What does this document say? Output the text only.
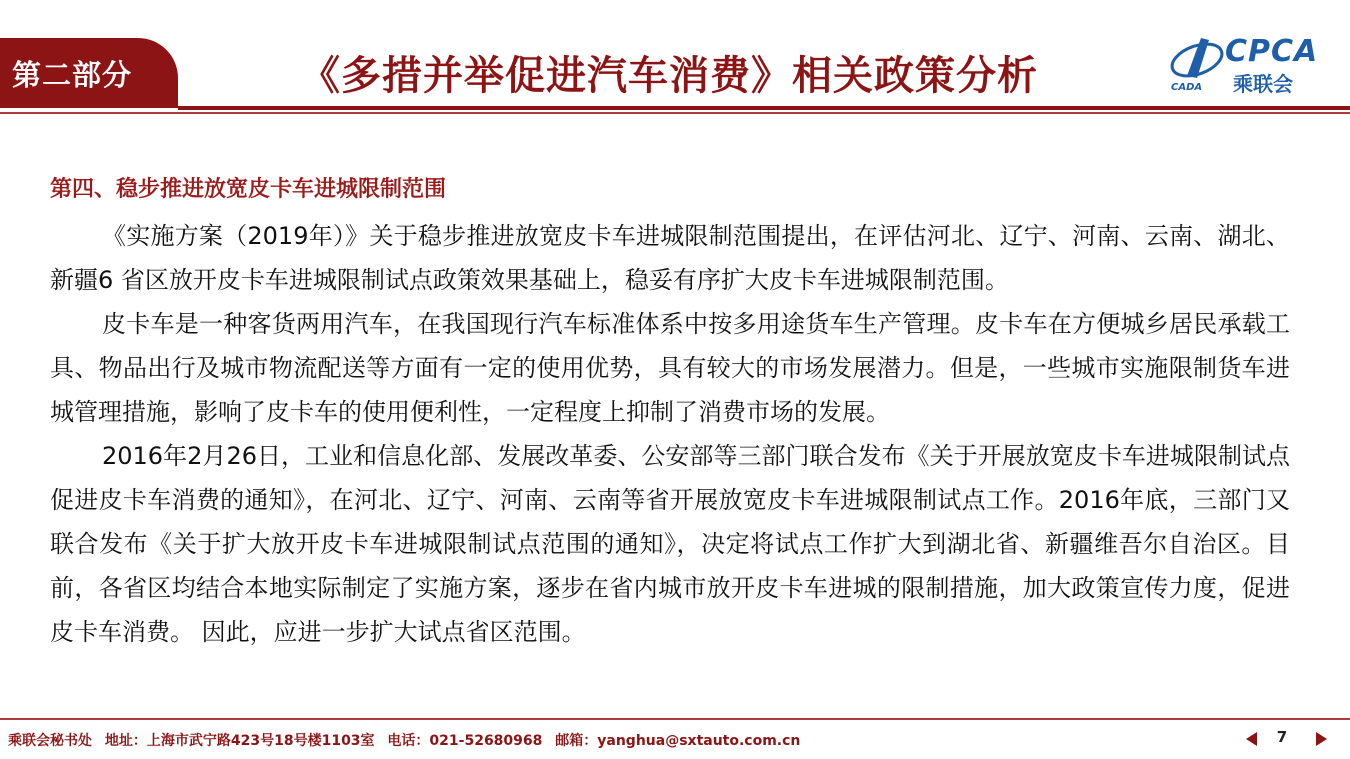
第二部分	《多措并举促进汽车消费》相关政策分析	CADA
CPCA
乘联会
第四、稳步推进放宽皮卡车进城限制范围

《实施方案（2019年）》关于稳步推进放宽皮卡车进城限制范围提出，在评估河北、辽宁、河南、云南、湖北、新疆6 省区放开皮卡车进城限制试点政策效果基础上，稳妥有序扩大皮卡车进城限制范围。

皮卡车是一种客货两用汽车，在我国现行汽车标准体系中按多用途货车生产管理。皮卡车在方便城乡居民承载工具、物品出行及城市物流配送等方面有一定的使用优势，具有较大的市场发展潜力。但是，一些城市实施限制货车进城管理措施，影响了皮卡车的使用便利性，一定程度上抑制了消费市场的发展。

2016年2月26日，工业和信息化部、发展改革委、公安部等三部门联合发布《关于开展放宽皮卡车进城限制试点促进皮卡车消费的通知》，在河北、辽宁、河南、云南等省开展放宽皮卡车进城限制试点工作。2016年底，三部门又联合发布《关于扩大放开皮卡车进城限制试点范围的通知》，决定将试点工作扩大到湖北省、新疆维吾尔自治区。目前，各省区均结合本地实际制定了实施方案，逐步在省内城市放开皮卡车进城的限制措施，加大政策宣传力度，促进皮卡车消费。 因此，应进一步扩大试点省区范围。

乘联会秘书处 地址：上海市武宁路423号18号楼1103室 电话：021-52680968 邮箱：yanghua@sxtauto.com.cn	7
